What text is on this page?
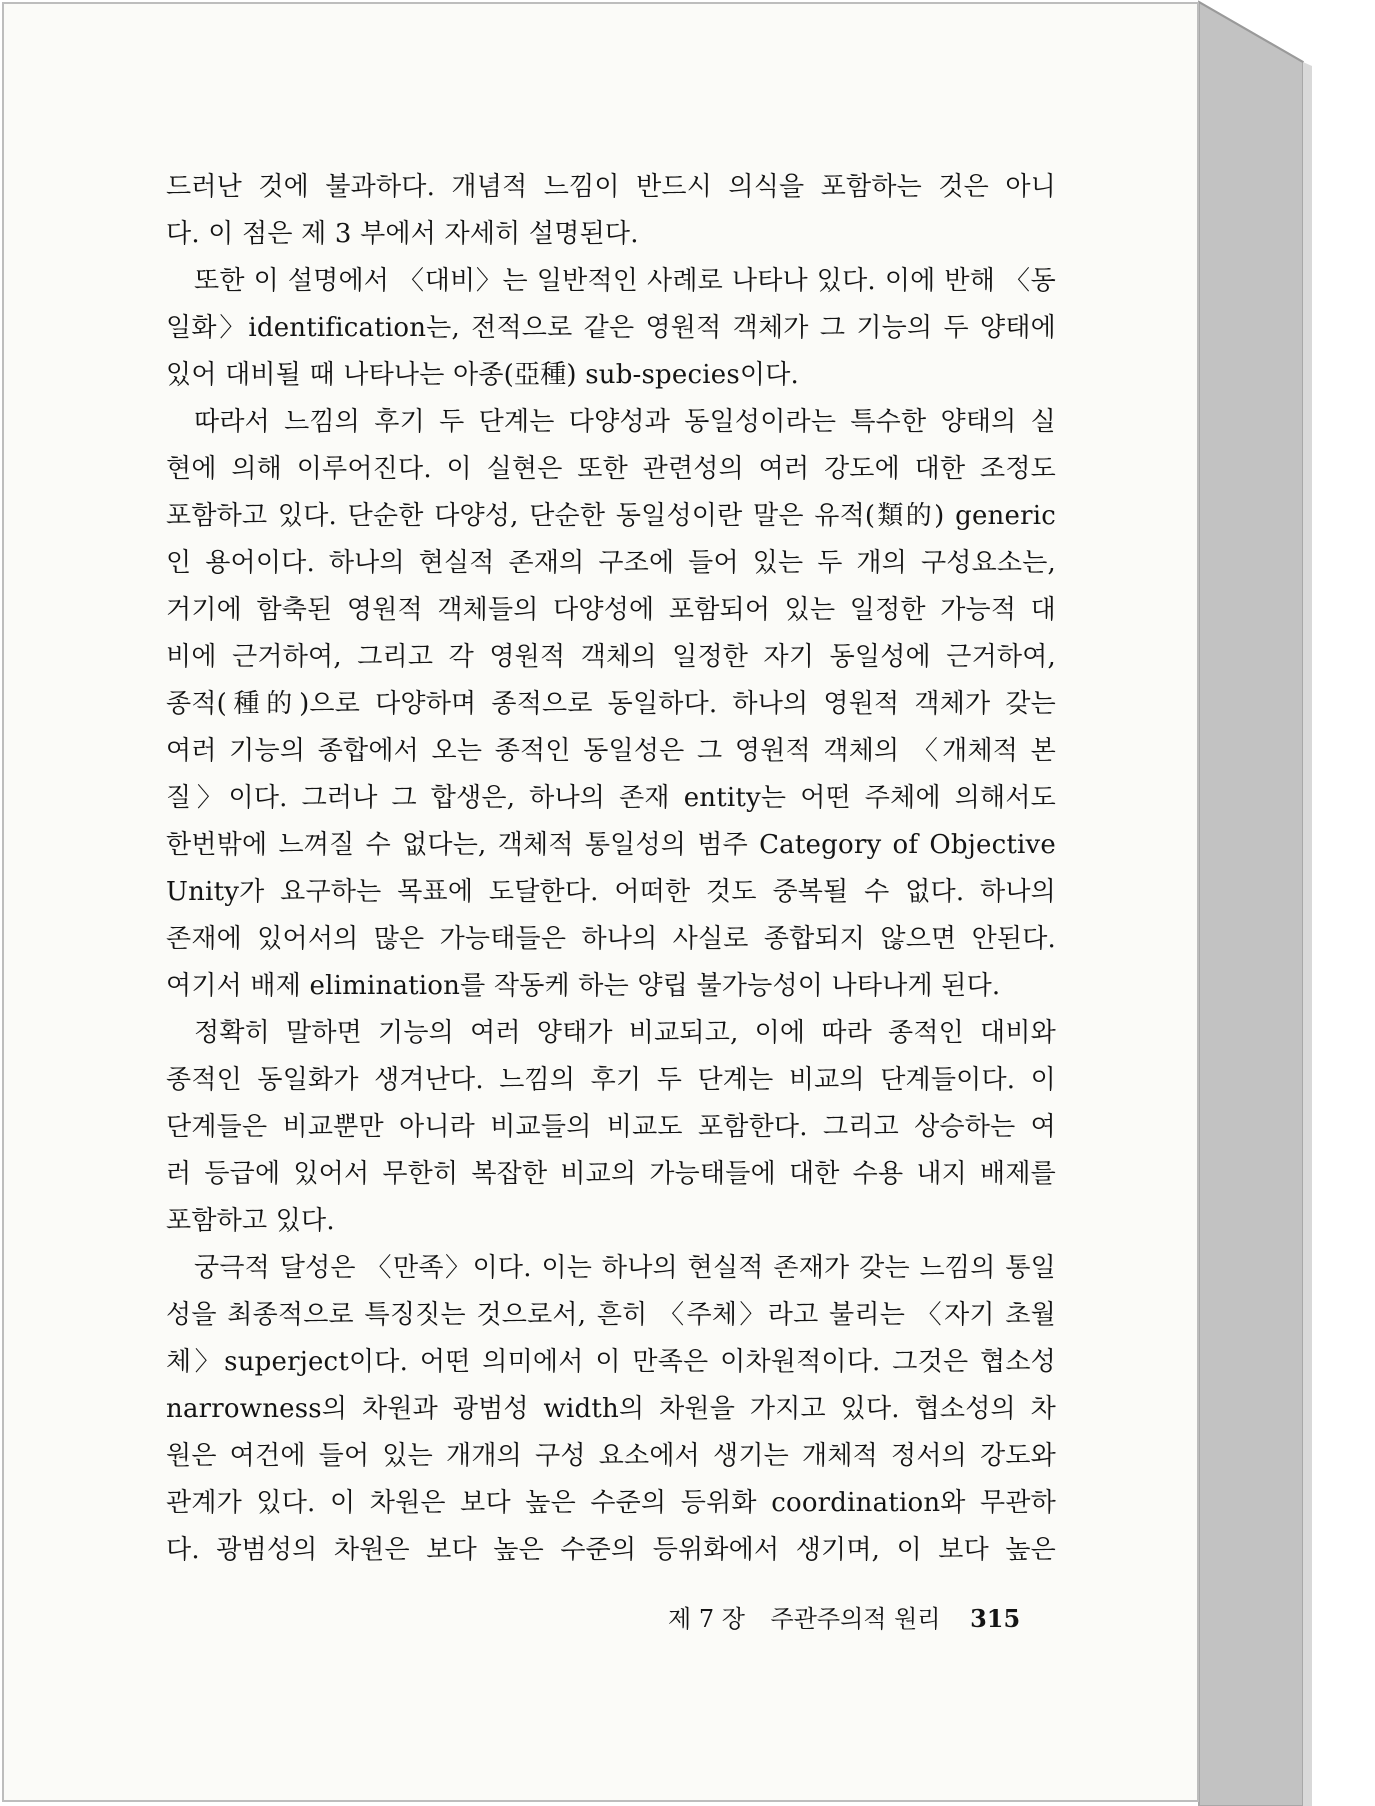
드러난 것에 불과하다. 개념적 느낌이 반드시 의식을 포함하는 것은 아니
다. 이 점은 제 3 부에서 자세히 설명된다.
또한 이 설명에서 〈대비〉는 일반적인 사례로 나타나 있다. 이에 반해 〈동
일화〉identification는, 전적으로 같은 영원적 객체가 그 기능의 두 양태에
있어 대비될 때 나타나는 아종(亞種) sub-species이다.
따라서 느낌의 후기 두 단계는 다양성과 동일성이라는 특수한 양태의 실
현에 의해 이루어진다. 이 실현은 또한 관련성의 여러 강도에 대한 조정도
포함하고 있다. 단순한 다양성, 단순한 동일성이란 말은 유적(類的) generic
인 용어이다. 하나의 현실적 존재의 구조에 들어 있는 두 개의 구성요소는,
거기에 함축된 영원적 객체들의 다양성에 포함되어 있는 일정한 가능적 대
비에 근거하여, 그리고 각 영원적 객체의 일정한 자기 동일성에 근거하여,
종적(種的)으로 다양하며 종적으로 동일하다. 하나의 영원적 객체가 갖는
여러 기능의 종합에서 오는 종적인 동일성은 그 영원적 객체의 〈개체적 본
질〉이다. 그러나 그 합생은, 하나의 존재 entity는 어떤 주체에 의해서도
한번밖에 느껴질 수 없다는, 객체적 통일성의 범주 Category of Objective
Unity가 요구하는 목표에 도달한다. 어떠한 것도 중복될 수 없다. 하나의
존재에 있어서의 많은 가능태들은 하나의 사실로 종합되지 않으면 안된다.
여기서 배제 elimination를 작동케 하는 양립 불가능성이 나타나게 된다.
정확히 말하면 기능의 여러 양태가 비교되고, 이에 따라 종적인 대비와
종적인 동일화가 생겨난다. 느낌의 후기 두 단계는 비교의 단계들이다. 이
단계들은 비교뿐만 아니라 비교들의 비교도 포함한다. 그리고 상승하는 여
러 등급에 있어서 무한히 복잡한 비교의 가능태들에 대한 수용 내지 배제를
포함하고 있다.
궁극적 달성은 〈만족〉이다. 이는 하나의 현실적 존재가 갖는 느낌의 통일
성을 최종적으로 특징짓는 것으로서, 흔히 〈주체〉라고 불리는 〈자기 초월
체〉superject이다. 어떤 의미에서 이 만족은 이차원적이다. 그것은 협소성
narrowness의 차원과 광범성 width의 차원을 가지고 있다. 협소성의 차
원은 여건에 들어 있는 개개의 구성 요소에서 생기는 개체적 정서의 강도와
관계가 있다. 이 차원은 보다 높은 수준의 등위화 coordination와 무관하
다. 광범성의 차원은 보다 높은 수준의 등위화에서 생기며, 이 보다 높은
제 7 장 주관주의적 원리 315
